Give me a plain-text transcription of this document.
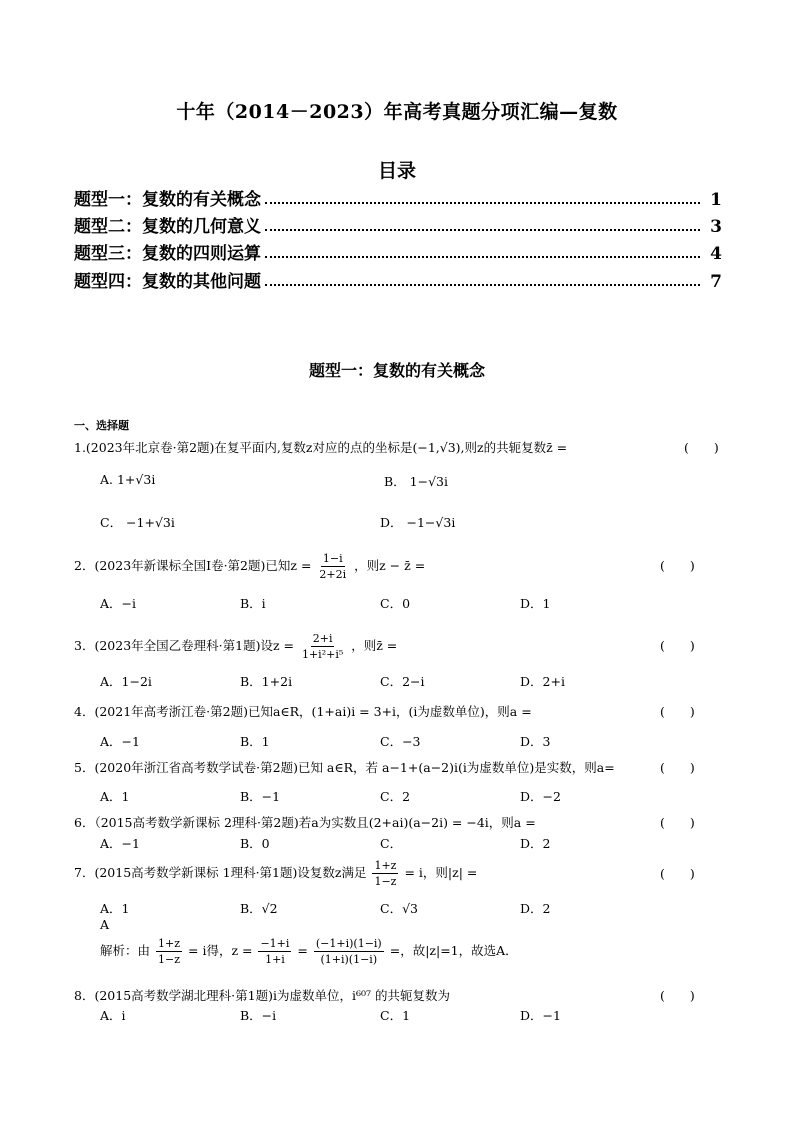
十年（2014－2023）年高考真题分项汇编—复数
目录
题型一：复数的有关概念	1
题型二：复数的几何意义	3
题型三：复数的四则运算	4
题型四：复数的其他问题	7
题型一：复数的有关概念
一、选择题
1.(2023年北京卷·第2题)在复平面内,复数z对应的点的坐标是(−1,√3),则z的共轭复数z̄ =	(　　)
A. 1+√3i	B． 1−√3i
C． −1+√3i	D． −1−√3i
2．(2023年新课标全国Ⅰ卷·第2题)已知$z = \frac{1-i}{2+2i}$ ，则z − z̄ =	(　　)
A．−i	B．i	C．0	D．1
3．(2023年全国乙卷理科·第1题)设$z = \frac{2+i}{\text{1+i²+i⁵}}$ ，则z̄ =	(　　)
A．1−2i	B．1+2i	C．2−i	D．2+i
4．(2021年高考浙江卷·第2题)已知a∈R，(1+ai)i = 3+i，(i为虚数单位)，则a =	(　　)
A．−1	B．1	C．−3	D．3
5．(2020年浙江省高考数学试卷·第2题)已知 a∈R，若 a−1+(a−2)i(i为虚数单位)是实数，则a=	(　　)
A．1	B．−1	C．2	D．−2
6．（2015高考数学新课标 2理科·第2题)若a为实数且(2+ai)(a−2i) = −4i，则a =	(　　)
A．−1	B．0	C．	D．2
7．(2015高考数学新课标 1理科·第1题)设复数z满足 $\frac{1+z}{1-z} = i$，则|z| =	(　　)
A．1	B．√2	C．√3	D．2
A
解析：由 $\frac{1+z}{1-z} = i$得，$z = \frac{-1+i}{1+i} = \frac{(-1+i)(1-i)}{(1+i)(1-i)}$ =，故|z|=1，故选A．
8．(2015高考数学湖北理科·第1题)i为虚数单位，i⁶⁰⁷ 的共轭复数为	(　　)
A．i	B．−i	C．1	D．−1
